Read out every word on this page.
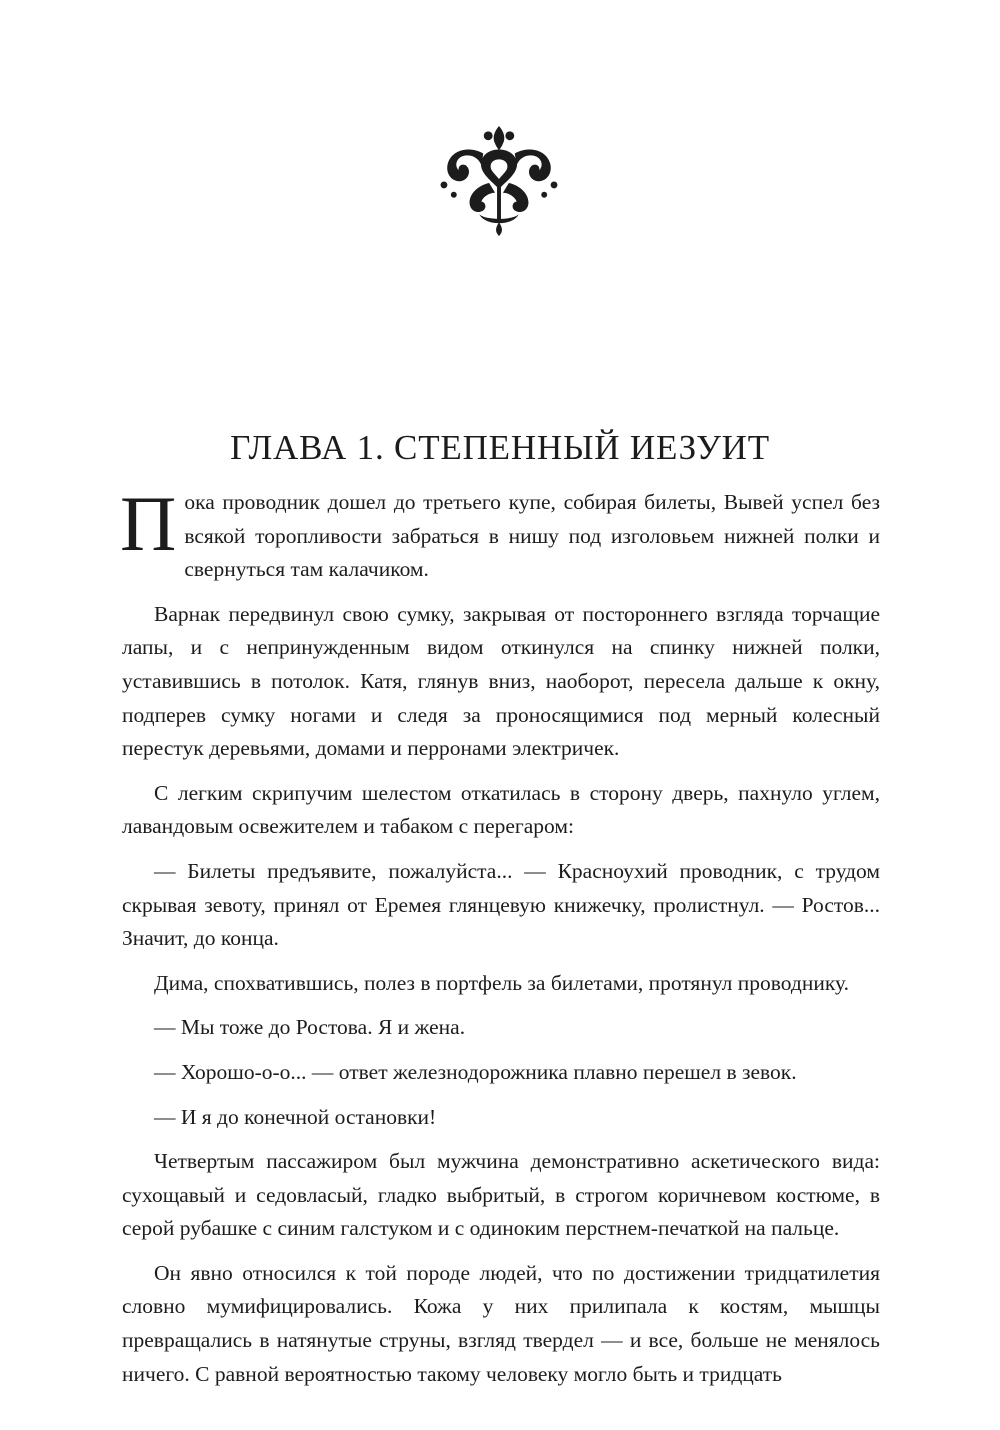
ГЛАВА 1. СТЕПЕННЫЙ ИЕЗУИТ

Пока проводник дошел до третьего купе, собирая билеты, Вывей успел без всякой торопливости забраться в нишу под изголовьем нижней полки и свернуться там калачиком.

Варнак передвинул свою сумку, закрывая от постороннего взгляда торчащие лапы, и с непринужденным видом откинулся на спинку нижней полки, уставившись в потолок. Катя, глянув вниз, наоборот, пересела дальше к окну, подперев сумку ногами и следя за проносящимися под мерный колесный перестук деревьями, домами и перронами электричек.

С легким скрипучим шелестом откатилась в сторону дверь, пахнуло углем, лавандовым освежителем и табаком с перегаром:

— Билеты предъявите, пожалуйста... — Красноухий проводник, с трудом скрывая зевоту, принял от Еремея глянцевую книжечку, пролистнул. — Ростов... Значит, до конца.

Дима, спохватившись, полез в портфель за билетами, протянул проводнику.

— Мы тоже до Ростова. Я и жена.

— Хорошо-о-о... — ответ железнодорожника плавно перешел в зевок.

— И я до конечной остановки!

Четвертым пассажиром был мужчина демонстративно аскетического вида: сухощавый и седовласый, гладко выбритый, в строгом коричневом костюме, в серой рубашке с синим галстуком и с одиноким перстнем-печаткой на пальце.

Он явно относился к той породе людей, что по достижении тридцатилетия словно мумифицировались. Кожа у них прилипала к костям, мышцы превращались в натянутые струны, взгляд твердел — и все, больше не менялось ничего. С равной вероятностью такому человеку могло быть и тридцать
